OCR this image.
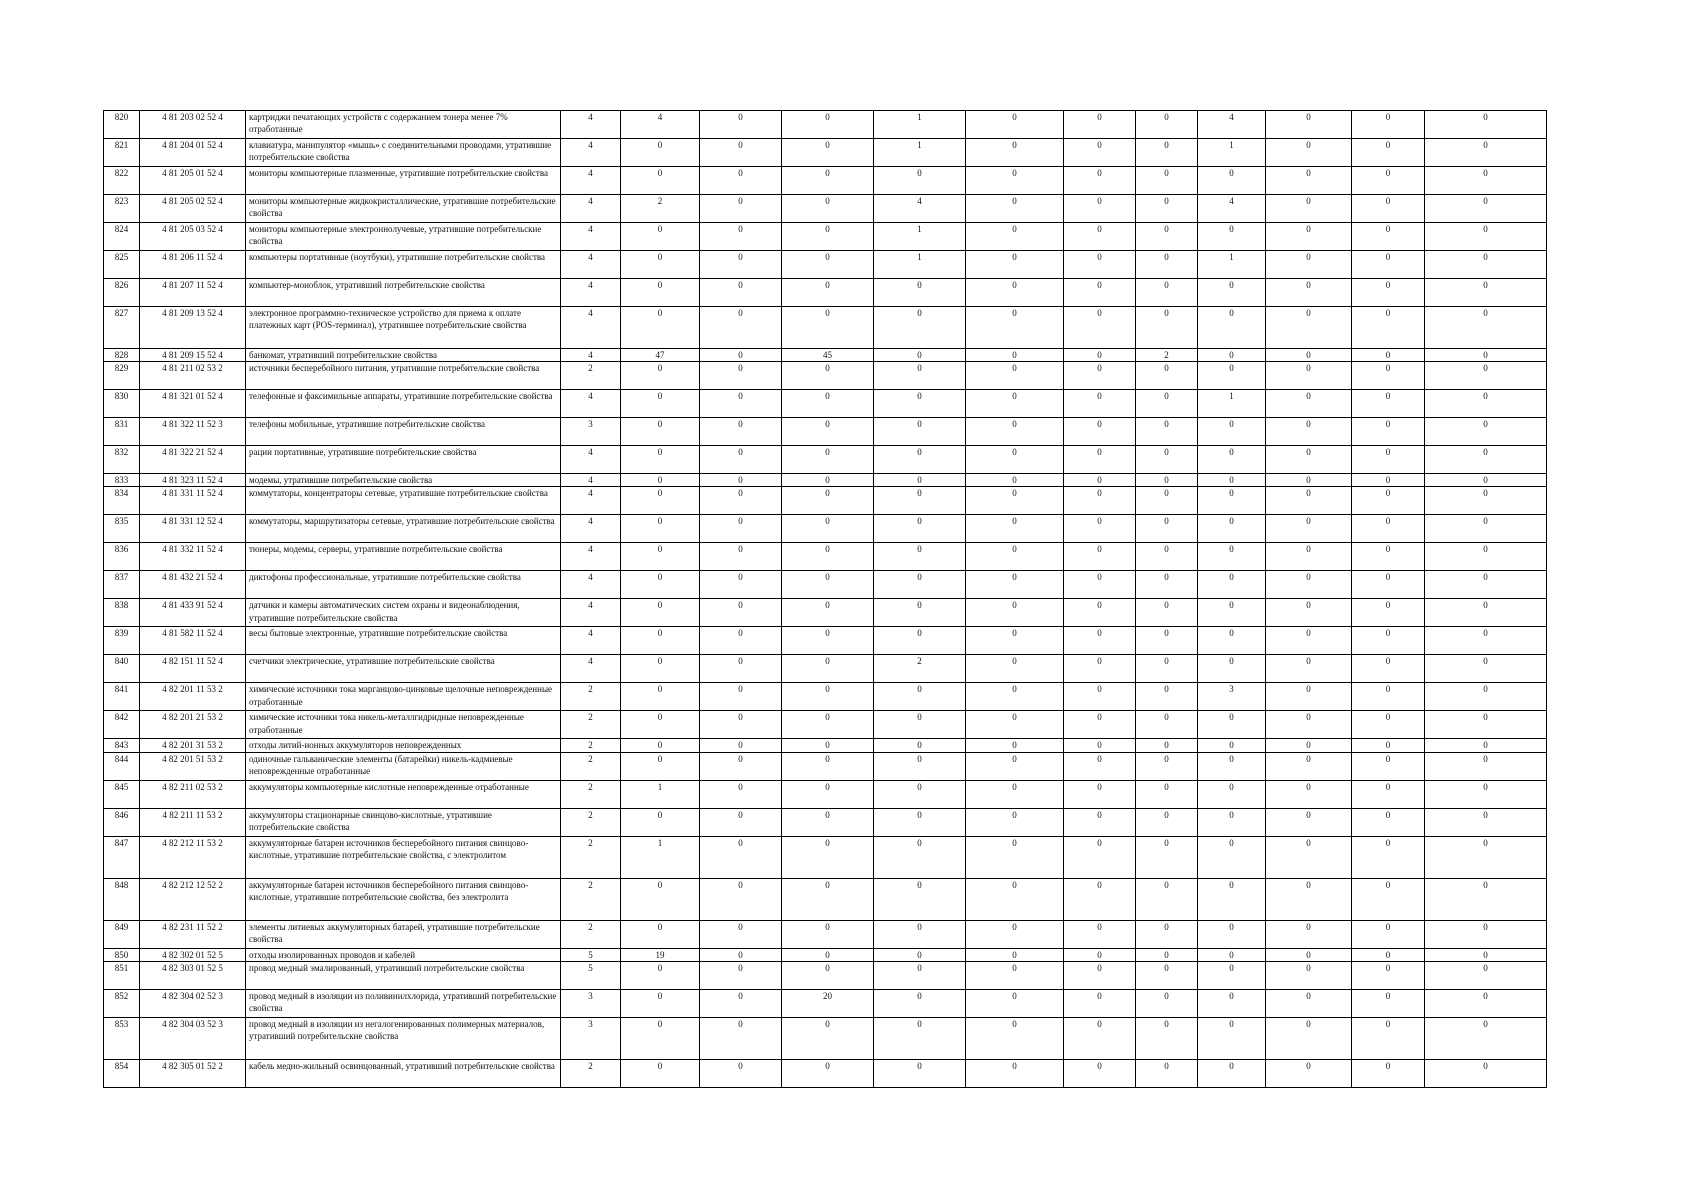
820	4 81 203 02 52 4	картриджи печатающих устройств с содержанием тонера менее 7% отработанные	4	4	0	0	1	0	0	0	4	0	0	0	
821	4 81 204 01 52 4	клавиатура, манипулятор «мышь» с соединительными проводами, утратившие потребительские свойства	4	0	0	0	1	0	0	0	1	0	0	0	
822	4 81 205 01 52 4	мониторы компьютерные плазменные, утратившие потребительские свойства	4	0	0	0	0	0	0	0	0	0	0	0	
823	4 81 205 02 52 4	мониторы компьютерные жидкокристаллические, утратившие потребительские свойства	4	2	0	0	4	0	0	0	4	0	0	0	
824	4 81 205 03 52 4	мониторы компьютерные электроннолучевые, утратившие потребительские свойства	4	0	0	0	1	0	0	0	0	0	0	0	
825	4 81 206 11 52 4	компьютеры портативные (ноутбуки), утратившие потребительские свойства	4	0	0	0	1	0	0	0	1	0	0	0	
826	4 81 207 11 52 4	компьютер-моноблок, утративший потребительские свойства	4	0	0	0	0	0	0	0	0	0	0	0	
827	4 81 209 13 52 4	электронное программно-техническое устройство для приема к оплате платежных карт (POS-терминал), утратившее потребительские свойства	4	0	0	0	0	0	0	0	0	0	0	0	
828	4 81 209 15 52 4	банкомат, утративший потребительские свойства	4	47	0	45	0	0	0	2	0	0	0	0	
829	4 81 211 02 53 2	источники бесперебойного питания, утратившие потребительские свойства	2	0	0	0	0	0	0	0	0	0	0	0	
830	4 81 321 01 52 4	телефонные и факсимильные аппараты, утратившие потребительские свойства	4	0	0	0	0	0	0	0	1	0	0	0	
831	4 81 322 11 52 3	телефоны мобильные, утратившие потребительские свойства	3	0	0	0	0	0	0	0	0	0	0	0	
832	4 81 322 21 52 4	рации портативные, утратившие потребительские свойства	4	0	0	0	0	0	0	0	0	0	0	0	
833	4 81 323 11 52 4	модемы, утратившие потребительские свойства	4	0	0	0	0	0	0	0	0	0	0	0	
834	4 81 331 11 52 4	коммутаторы, концентраторы сетевые, утратившие потребительские свойства	4	0	0	0	0	0	0	0	0	0	0	0	
835	4 81 331 12 52 4	коммутаторы, маршрутизаторы сетевые, утратившие потребительские свойства	4	0	0	0	0	0	0	0	0	0	0	0	
836	4 81 332 11 52 4	тюнеры, модемы, серверы, утратившие потребительские свойства	4	0	0	0	0	0	0	0	0	0	0	0	
837	4 81 432 21 52 4	диктофоны профессиональные, утратившие потребительские свойства	4	0	0	0	0	0	0	0	0	0	0	0	
838	4 81 433 91 52 4	датчики и камеры автоматических систем охраны и видеонаблюдения, утратившие потребительские свойства	4	0	0	0	0	0	0	0	0	0	0	0	
839	4 81 582 11 52 4	весы бытовые электронные, утратившие потребительские свойства	4	0	0	0	0	0	0	0	0	0	0	0	
840	4 82 151 11 52 4	счетчики электрические, утратившие потребительские свойства	4	0	0	0	2	0	0	0	0	0	0	0	
841	4 82 201 11 53 2	химические источники тока марганцово-цинковые щелочные неповрежденные отработанные	2	0	0	0	0	0	0	0	3	0	0	0	
842	4 82 201 21 53 2	химические источники тока никель-металлгидридные неповрежденные отработанные	2	0	0	0	0	0	0	0	0	0	0	0	
843	4 82 201 31 53 2	отходы литий-ионных аккумуляторов неповрежденных	2	0	0	0	0	0	0	0	0	0	0	0	
844	4 82 201 51 53 2	одиночные гальванические элементы (батарейки) никель-кадмиевые неповрежденные отработанные	2	0	0	0	0	0	0	0	0	0	0	0	
845	4 82 211 02 53 2	аккумуляторы компьютерные кислотные неповрежденные отработанные	2	1	0	0	0	0	0	0	0	0	0	0	
846	4 82 211 11 53 2	аккумуляторы стационарные свинцово-кислотные, утратившие потребительские свойства	2	0	0	0	0	0	0	0	0	0	0	0	
847	4 82 212 11 53 2	аккумуляторные батареи источников бесперебойного питания свинцово-кислотные, утратившие потребительские свойства, с электролитом	2	1	0	0	0	0	0	0	0	0	0	0	
848	4 82 212 12 52 2	аккумуляторные батареи источников бесперебойного питания свинцово-кислотные, утратившие потребительские свойства, без электролита	2	0	0	0	0	0	0	0	0	0	0	0	
849	4 82 231 11 52 2	элементы литиевых аккумуляторных батарей, утратившие потребительские свойства	2	0	0	0	0	0	0	0	0	0	0	0	
850	4 82 302 01 52 5	отходы изолированных проводов и кабелей	5	19	0	0	0	0	0	0	0	0	0	0	
851	4 82 303 01 52 5	провод медный эмалированный, утративший потребительские свойства	5	0	0	0	0	0	0	0	0	0	0	0	
852	4 82 304 02 52 3	провод медный в изоляции из поливинилхлорида, утративший потребительские свойства	3	0	0	20	0	0	0	0	0	0	0	0	
853	4 82 304 03 52 3	провод медный в изоляции из негалогенированных полимерных материалов, утративший потребительские свойства	3	0	0	0	0	0	0	0	0	0	0	0	
854	4 82 305 01 52 2	кабель медно-жильный освинцованный, утративший потребительские свойства	2	0	0	0	0	0	0	0	0	0	0	0	
